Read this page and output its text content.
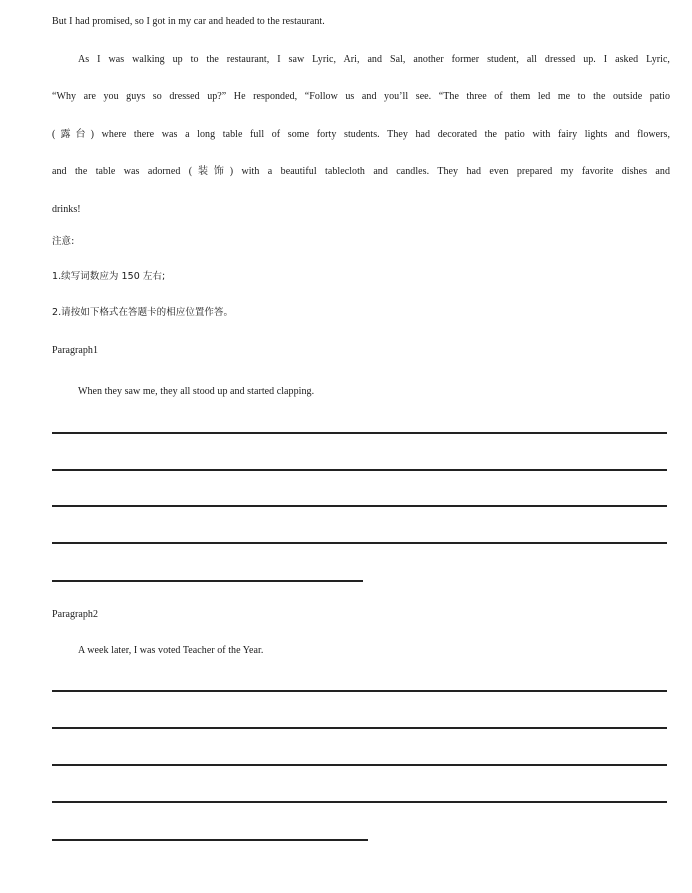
But I had promised, so I got in my car and headed to the restaurant.
As I was walking up to the restaurant, I saw Lyric, Ari, and Sal, another former student, all dressed up. I asked Lyric,
“Why are you guys so dressed up?” He responded, “Follow us and you’ll see. “The three of them led me to the outside patio
(露台) where there was a long table full of some forty students. They had decorated the patio with fairy lights and flowers,
and the table was adorned (装饰) with a beautiful tablecloth and candles. They had even prepared my favorite dishes and
drinks!
注意:
1.续写词数应为 150 左右;
2.请按如下格式在答题卡的相应位置作答。
Paragraph1
When they saw me, they all stood up and started clapping.
Paragraph2
A week later, I was voted Teacher of the Year.
